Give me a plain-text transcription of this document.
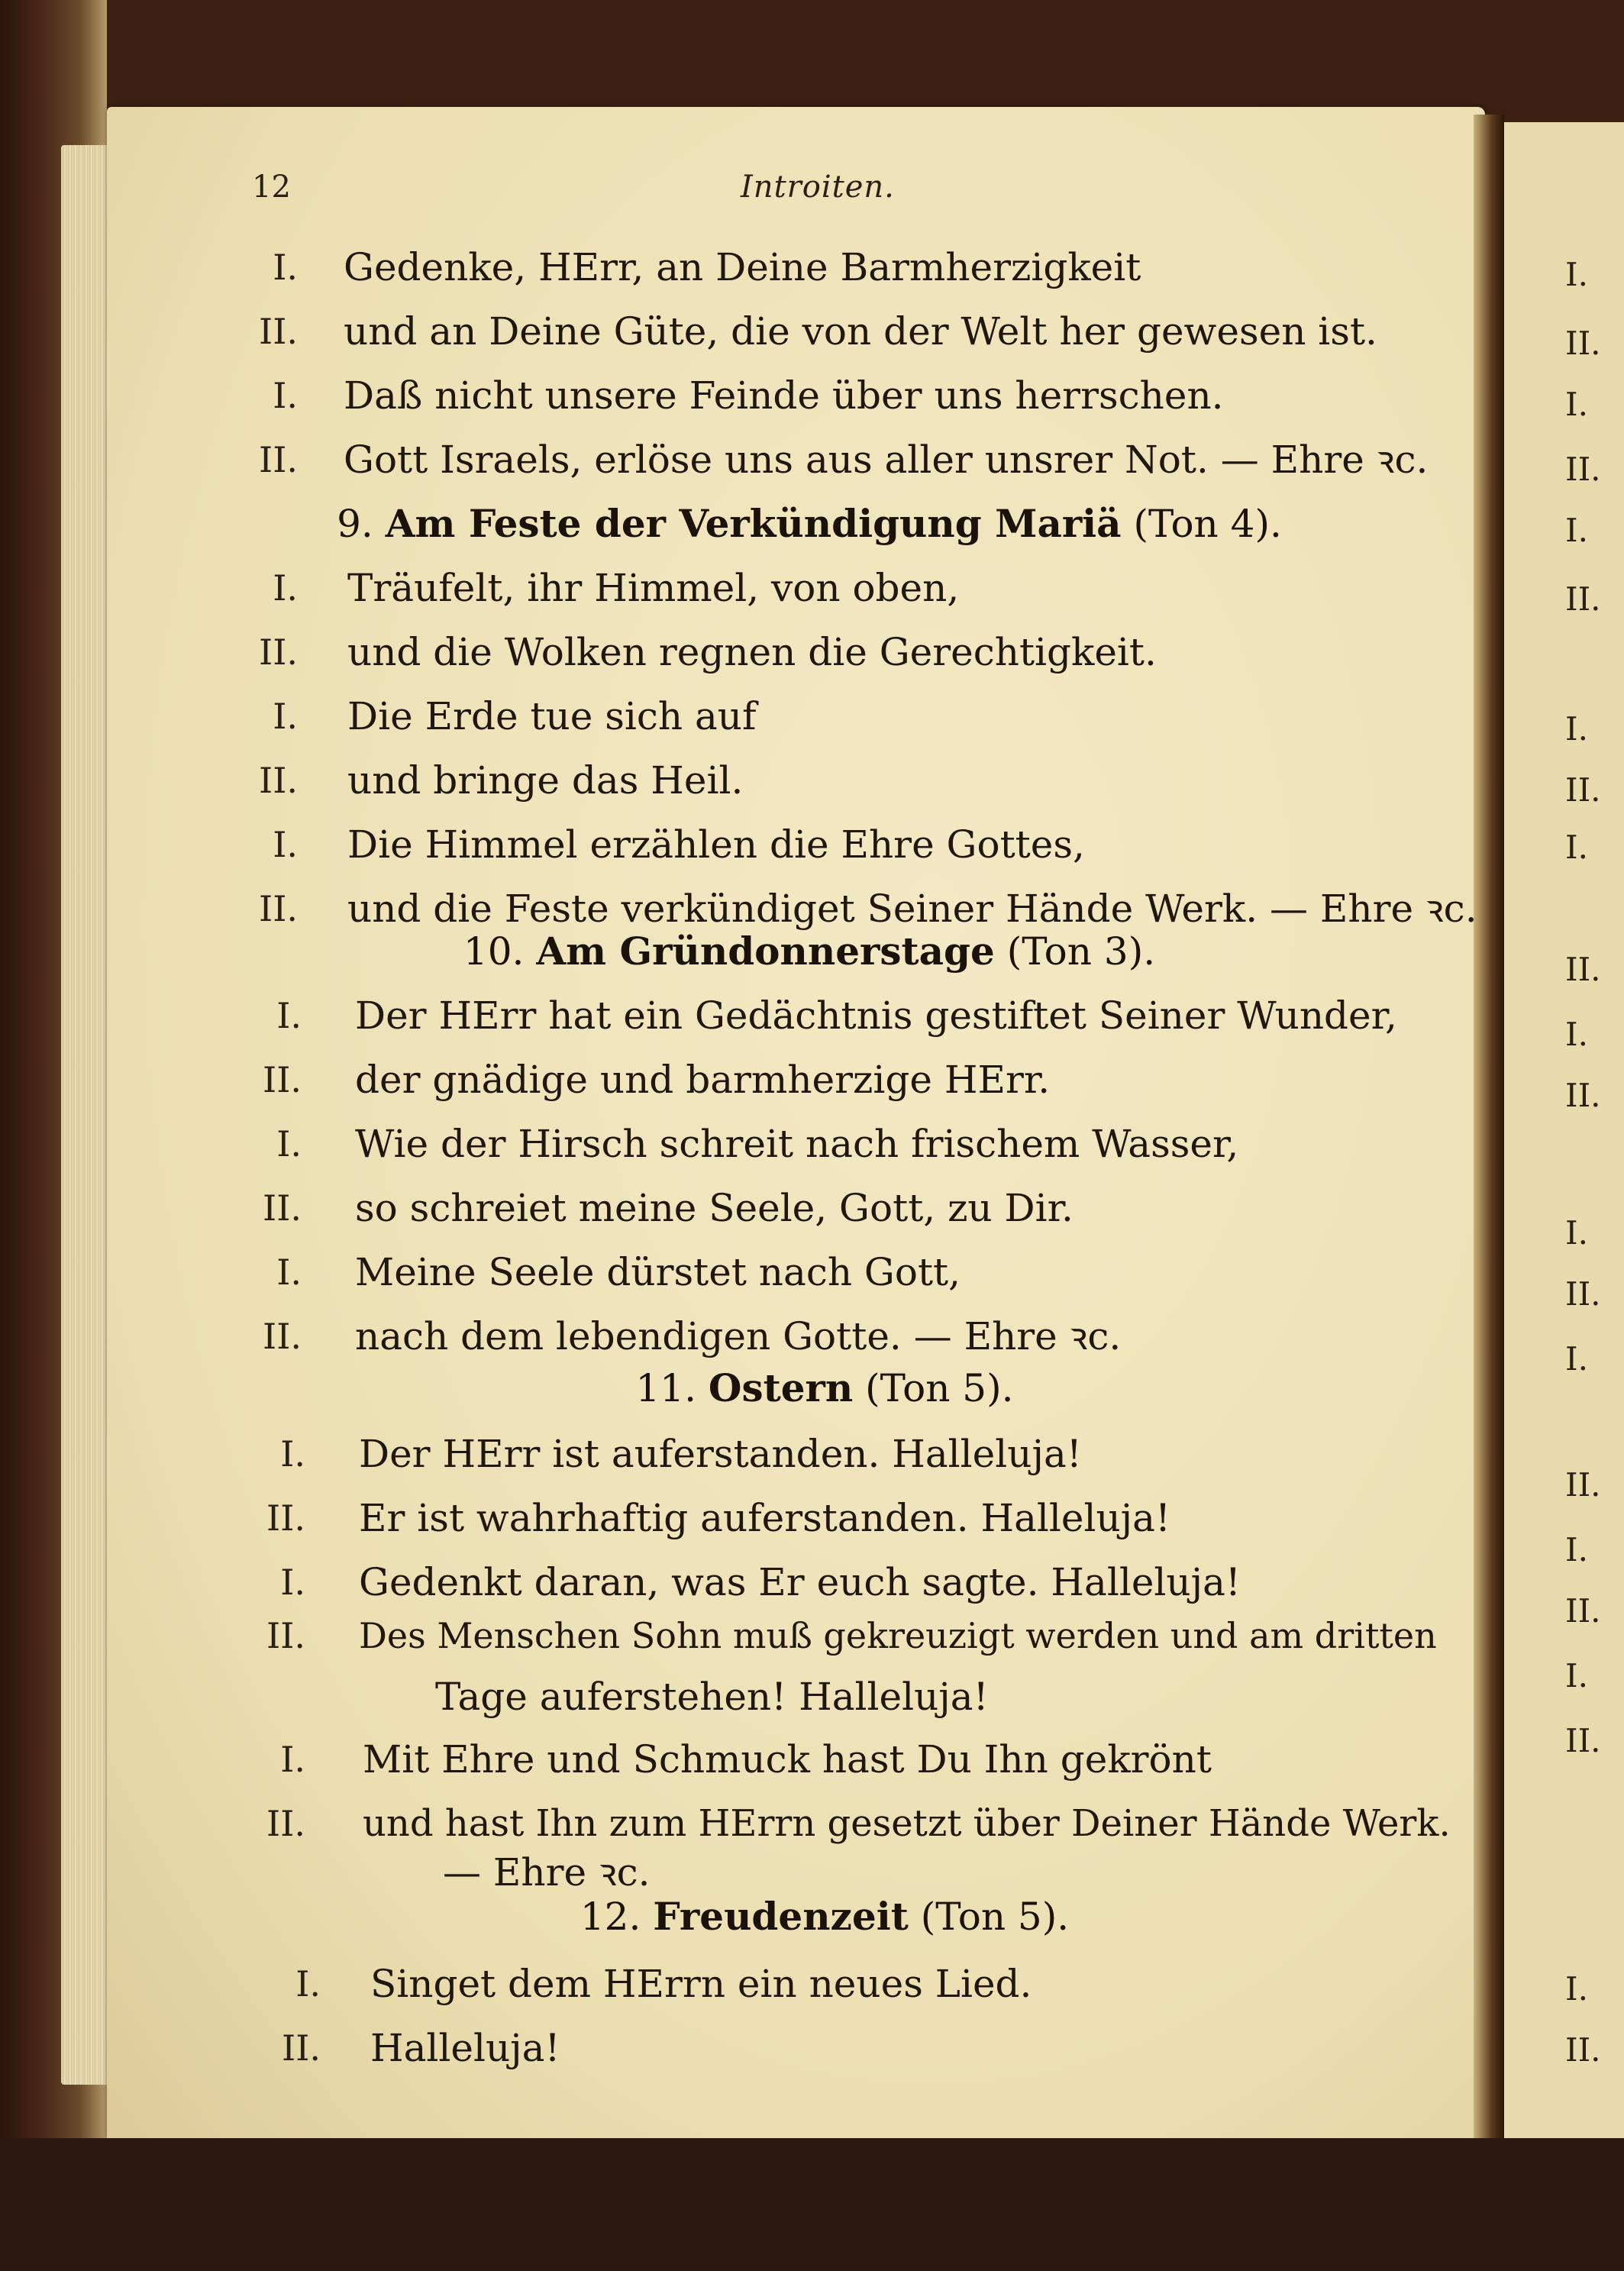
12	Introiten.
I. Gedenke, HErr, an Deine Barmherzigkeit
II. und an Deine Güte, die von der Welt her gewesen ist.
I. Daß nicht unsere Feinde über uns herrschen.
II. Gott Israels, erlöse uns aus aller unsrer Not. — Ehre ꝛc.
9. Am Feste der Verkündigung Mariä (Ton 4).
I. Träufelt, ihr Himmel, von oben,
II. und die Wolken regnen die Gerechtigkeit.
I. Die Erde tue sich auf
II. und bringe das Heil.
I. Die Himmel erzählen die Ehre Gottes,
II. und die Feste verkündiget Seiner Hände Werk. — Ehre ꝛc.
10. Am Gründonnerstage (Ton 3).
I. Der HErr hat ein Gedächtnis gestiftet Seiner Wunder,
II. der gnädige und barmherzige HErr.
I. Wie der Hirsch schreit nach frischem Wasser,
II. so schreiet meine Seele, Gott, zu Dir.
I. Meine Seele dürstet nach Gott,
II. nach dem lebendigen Gotte. — Ehre ꝛc.
11. Ostern (Ton 5).
I. Der HErr ist auferstanden. Halleluja!
II. Er ist wahrhaftig auferstanden. Halleluja!
I. Gedenkt daran, was Er euch sagte. Halleluja!
II. Des Menschen Sohn muß gekreuzigt werden und am dritten
Tage auferstehen! Halleluja!
I. Mit Ehre und Schmuck hast Du Ihn gekrönt
II. und hast Ihn zum HErrn gesetzt über Deiner Hände Werk.
— Ehre ꝛc.
12. Freudenzeit (Ton 5).
I. Singet dem HErrn ein neues Lied.
II. Halleluja!
I.
II.
I.
II.
I.
II.
I.
II.
I.
II.
I.
II.
I.
II.
I.
II.
I.
II.
I.
II.
I.
II.
